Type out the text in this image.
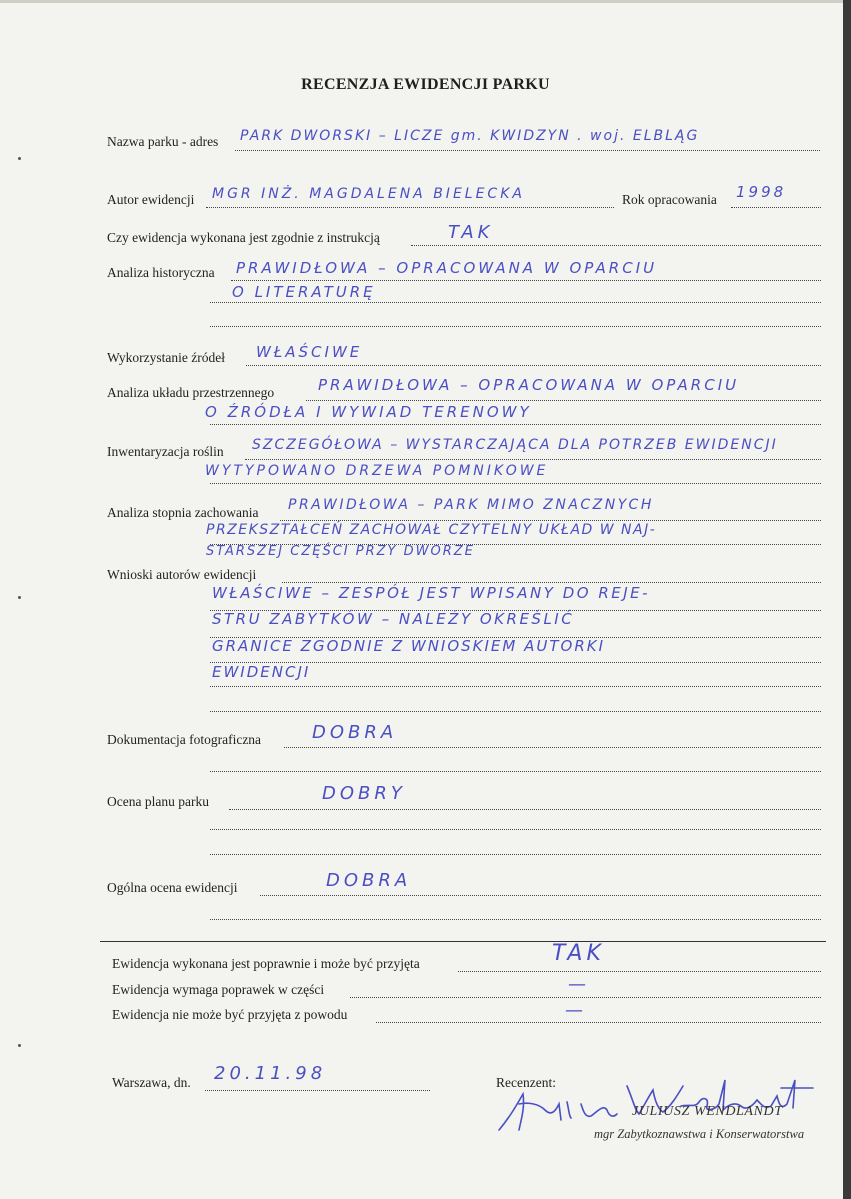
RECENZJA EWIDENCJI PARKU
Nazwa parku - adres PARK DWORSKI – LICZE gm. KWIDZYN . woj. ELBLĄG
Autor ewidencji MGR INŻ. MAGDALENA BIELECKA	Rok opracowania 1998
Czy ewidencja wykonana jest zgodnie z instrukcją	TAK
Analiza historyczna PRAWIDŁOWA – OPRACOWANA W OPARCIU
O LITERATURĘ
Wykorzystanie źródeł WŁAŚCIWE
Analiza układu przestrzennego	PRAWIDŁOWA – OPRACOWANA W OPARCIU
O ŹRÓDŁA I WYWIAD TERENOWY
Inwentaryzacja roślin SZCZEGÓŁOWA – WYSTARCZAJĄCA DLA POTRZEB EWIDENCJI
WYTYPOWANO DRZEWA POMNIKOWE
Analiza stopnia zachowania PRAWIDŁOWA – PARK MIMO ZNACZNYCH
PRZEKSZTAŁCEŃ ZACHOWAŁ CZYTELNY UKŁAD W NAJ-
STARSZEJ CZĘŚCI PRZY DWORZE
Wnioski autorów ewidencji
WŁAŚCIWE – ZESPÓŁ JEST WPISANY DO REJE-
STRU ZABYTKÓW – NALEŻY OKREŚLIĆ
GRANICE ZGODNIE Z WNIOSKIEM AUTORKI
EWIDENCJI
Dokumentacja fotograficzna	DOBRA
Ocena planu parku	DOBRY
Ogólna ocena ewidencji	DOBRA
Ewidencja wykonana jest poprawnie i może być przyjęta	TAK
Ewidencja wymaga poprawek w części	—
Ewidencja nie może być przyjęta z powodu	—
Warszawa, dn. 20.11.98	Recenzent:
JULIUSZ WENDLANDT
mgr Zabytkoznawstwa i Konserwatorstwa
